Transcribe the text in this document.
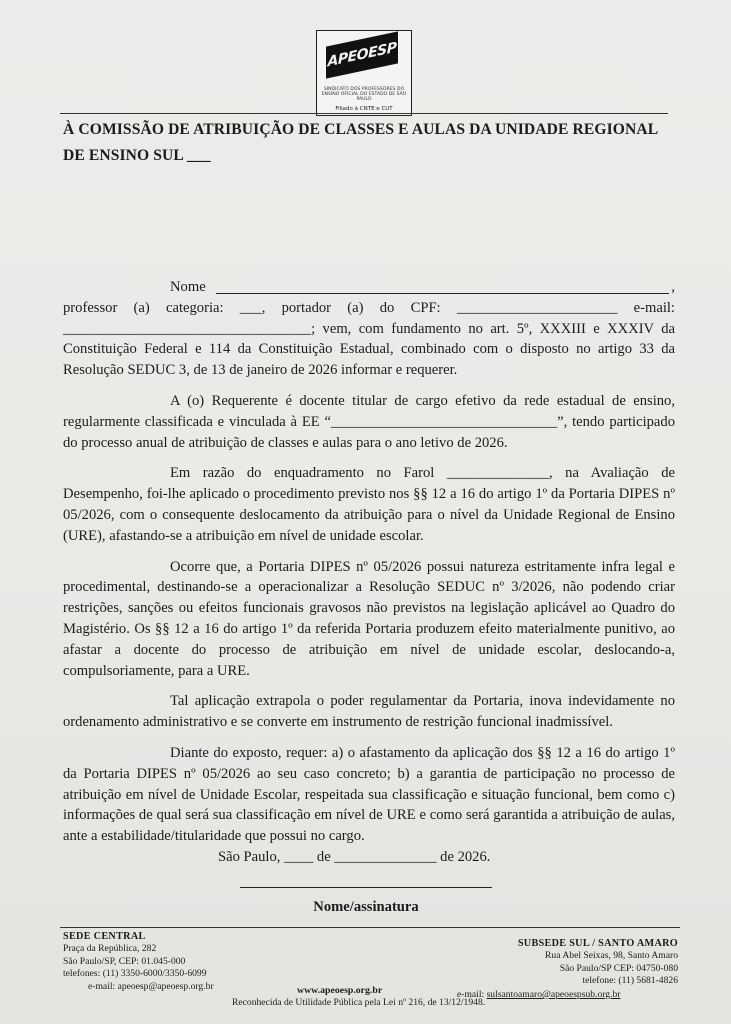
APEOESP
SINDICATO DOS PROFESSORES DO ENSINO OFICIAL DO ESTADO DE SÃO PAULO
Filiado à CNTE e CUT
À COMISSÃO DE ATRIBUIÇÃO DE CLASSES E AULAS DA UNIDADE REGIONAL DE ENSINO SUL ___
Nome	,

professor (a) categoria: ___, portador (a) do CPF: ______________________ e-mail:

__________________________________; vem, com fundamento no art. 5º, XXXIII e XXXIV da Constituição Federal e 114 da Constituição Estadual, combinado com o disposto no artigo 33 da Resolução SEDUC 3, de 13 de janeiro de 2026 informar e requerer.

A (o) Requerente é docente titular de cargo efetivo da rede estadual de ensino, regularmente classificada e vinculada à EE “_______________________________”, tendo participado do processo anual de atribuição de classes e aulas para o ano letivo de 2026.

Em razão do enquadramento no Farol ______________, na Avaliação de Desempenho, foi-lhe aplicado o procedimento previsto nos §§ 12 a 16 do artigo 1º da Portaria DIPES nº 05/2026, com o consequente deslocamento da atribuição para o nível da Unidade Regional de Ensino (URE), afastando-se a atribuição em nível de unidade escolar.

Ocorre que, a Portaria DIPES nº 05/2026 possui natureza estritamente infra legal e procedimental, destinando-se a operacionalizar a Resolução SEDUC nº 3/2026, não podendo criar restrições, sanções ou efeitos funcionais gravosos não previstos na legislação aplicável ao Quadro do Magistério. Os §§ 12 a 16 do artigo 1º da referida Portaria produzem efeito materialmente punitivo, ao afastar a docente do processo de atribuição em nível de unidade escolar, deslocando-a, compulsoriamente, para a URE.

Tal aplicação extrapola o poder regulamentar da Portaria, inova indevidamente no ordenamento administrativo e se converte em instrumento de restrição funcional inadmissível.

Diante do exposto, requer: a) o afastamento da aplicação dos §§ 12 a 16 do artigo 1º da Portaria DIPES nº 05/2026 ao seu caso concreto; b) a garantia de participação no processo de atribuição em nível de Unidade Escolar, respeitada sua classificação e situação funcional, bem como c) informações de qual será sua classificação em nível de URE e como será garantida a atribuição de aulas, ante a estabilidade/titularidade que possui no cargo.

São Paulo, ____ de ______________ de 2026.

Nome/assinatura
SEDE CENTRAL
Praça da República, 282
São Paulo/SP, CEP: 01.045-000
telefones: (11) 3350-6000/3350-6099
e-mail: apeoesp@apeoesp.org.br	www.apeoesp.org.br
SUBSEDE SUL / SANTO AMARO
Rua Abel Seixas, 98, Santo Amaro
São Paulo/SP CEP: 04750-080
telefone: (11) 5681-4826
e-mail: sulsantoamaro@apeoespsub.org.br
Reconhecida de Utilidade Pública pela Lei nº 216, de 13/12/1948.
